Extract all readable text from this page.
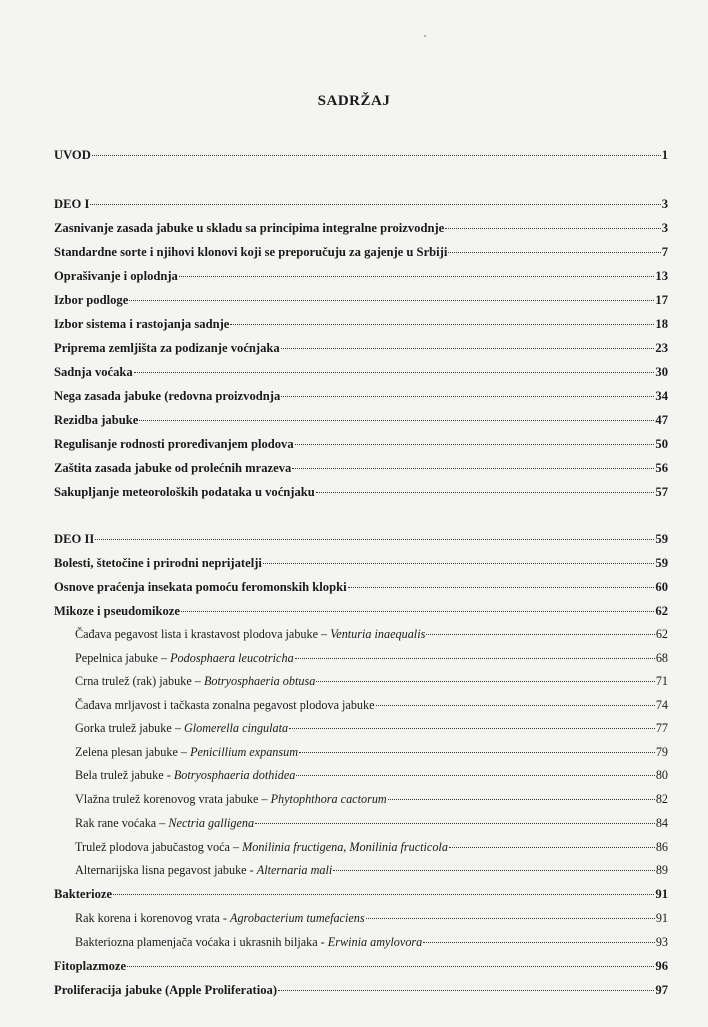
SADRŽAJ
UVOD	1
DEO I	3
Zasnivanje zasada jabuke u skladu sa principima integralne proizvodnje	3
Standardne sorte i njihovi klonovi koji se preporučuju za gajenje u Srbiji	7
Oprašivanje i oplodnja	13
Izbor podloge	17
Izbor sistema i rastojanja sadnje	18
Priprema zemljišta za podizanje voćnjaka	23
Sadnja voćaka	30
Nega zasada jabuke (redovna proizvodnja	34
Rezidba jabuke	47
Regulisanje rodnosti proređivanjem plodova	50
Zaštita zasada jabuke od prolećnih mrazeva	56
Sakupljanje meteoroloških podataka u voćnjaku	57
DEO II	59
Bolesti, štetočine i prirodni neprijatelji	59
Osnove praćenja insekata pomoću feromonskih klopki	60
Mikoze i pseudomikoze	62
Čađava pegavost lista i krastavost plodova jabuke – Venturia inaequalis	62
Pepelnica jabuke – Podosphaera leucotricha	68
Crna trulež (rak) jabuke – Botryosphaeria obtusa	71
Čađava mrljavost i tačkasta zonalna pegavost plodova jabuke	74
Gorka trulež jabuke – Glomerella cingulata	77
Zelena plesan jabuke – Penicillium expansum	79
Bela trulež jabuke - Botryosphaeria dothidea	80
Vlažna trulež korenovog vrata jabuke – Phytophthora cactorum	82
Rak rane voćaka – Nectria galligena	84
Trulež plodova jabučastog voća – Monilinia fructigena, Monilinia fructicola	86
Alternarijska lisna pegavost jabuke - Alternaria mali	89
Bakterioze	91
Rak korena i korenovog vrata - Agrobacterium tumefaciens	91
Bakteriozna plamenjača voćaka i ukrasnih biljaka - Erwinia amylovora	93
Fitoplazmoze	96
Proliferacija jabuke (Apple Proliferatioa)	97
